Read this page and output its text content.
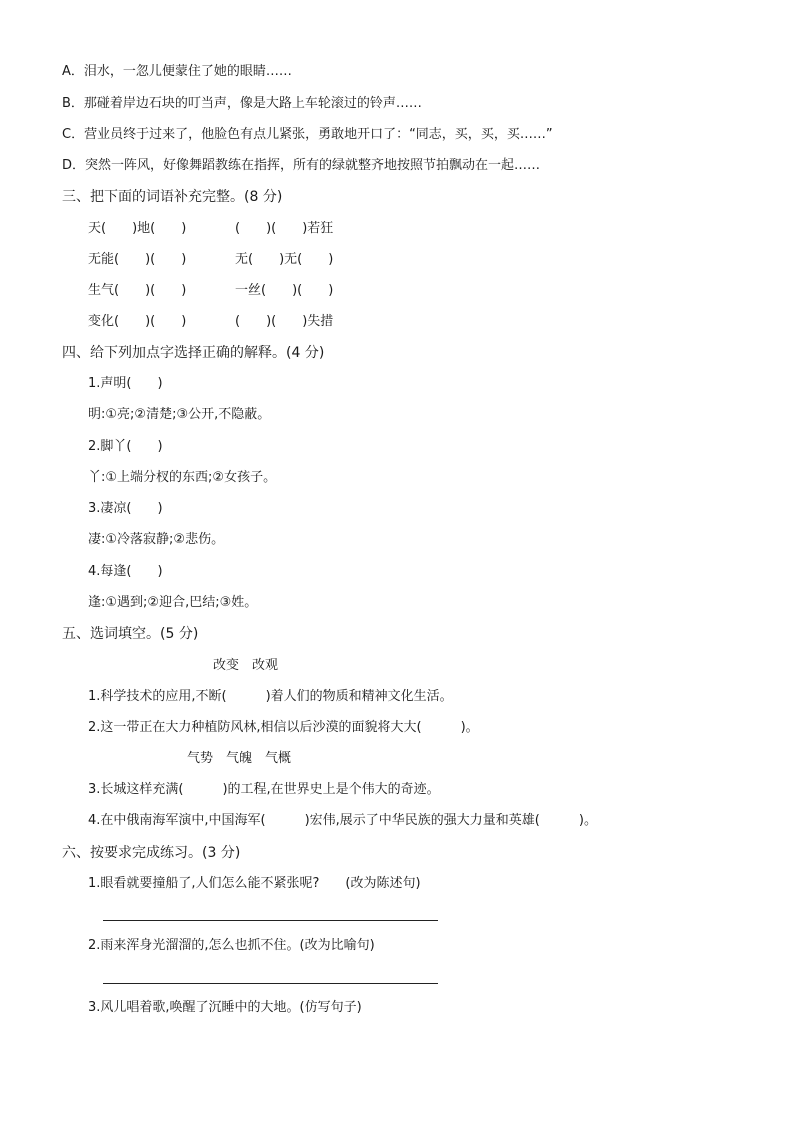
A．泪水，一忽儿便蒙住了她的眼睛……
B．那碰着岸边石块的叮当声，像是大路上车轮滚过的铃声……
C．营业员终于过来了，他脸色有点儿紧张，勇敢地开口了：“同志，买，买，买……”
D．突然一阵风，好像舞蹈教练在指挥，所有的绿就整齐地按照节拍飘动在一起……
三、把下面的词语补充完整。(8 分)
天(　　)地(　　)	(　　)(　　)若狂
无能(　　)(　　)	无(　　)无(　　)
生气(　　)(　　)	一丝(　　)(　　)
变化(　　)(　　)	(　　)(　　)失措
四、给下列加点字选择正确的解释。(4 分)
1.声明(　　)
明:①亮;②清楚;③公开,不隐蔽。
2.脚丫(　　)
丫:①上端分杈的东西;②女孩子。
3.凄凉(　　)
凄:①冷落寂静;②悲伤。
4.每逢(　　)
逢:①遇到;②迎合,巴结;③姓。
五、选词填空。(5 分)
改变　改观
1.科学技术的应用,不断(　　　)着人们的物质和精神文化生活。
2.这一带正在大力种植防风林,相信以后沙漠的面貌将大大(　　　)。
气势　气魄　气概
3.长城这样充满(　　　)的工程,在世界史上是个伟大的奇迹。
4.在中俄南海军演中,中国海军(　　　)宏伟,展示了中华民族的强大力量和英雄(　　　)。
六、按要求完成练习。(3 分)
1.眼看就要撞船了,人们怎么能不紧张呢?　　(改为陈述句)
2.雨来浑身光溜溜的,怎么也抓不住。(改为比喻句)
3.风儿唱着歌,唤醒了沉睡中的大地。(仿写句子)
